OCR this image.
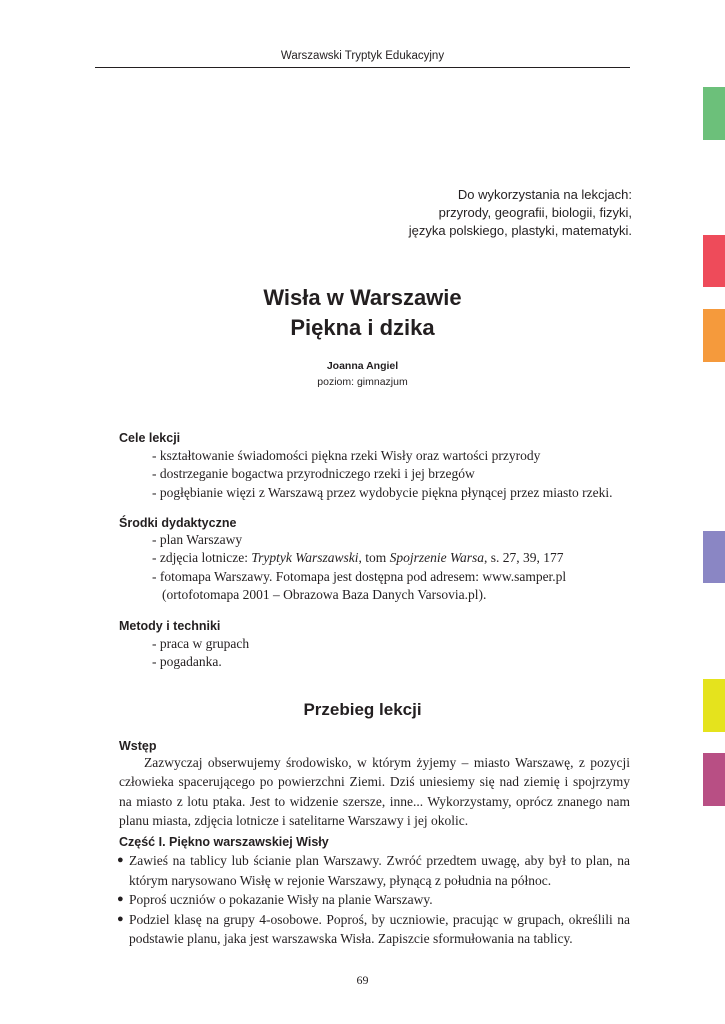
Warszawski Tryptyk Edukacyjny
Do wykorzystania na lekcjach:
przyrody, geografii, biologii, fizyki,
języka polskiego, plastyki, matematyki.
Wisła w Warszawie
Piękna i dzika
Joanna Angiel
poziom: gimnazjum
Cele lekcji
- kształtowanie świadomości piękna rzeki Wisły oraz wartości przyrody
- dostrzeganie bogactwa przyrodniczego rzeki i jej brzegów
- pogłębianie więzi z Warszawą przez wydobycie piękna płynącej przez miasto rzeki.
Środki dydaktyczne
- plan Warszawy
- zdjęcia lotnicze: Tryptyk Warszawski, tom Spojrzenie Warsa, s. 27, 39, 177
- fotomapa Warszawy. Fotomapa jest dostępna pod adresem: www.samper.pl
(ortofotomapa 2001 – Obrazowa Baza Danych Varsovia.pl).
Metody i techniki
- praca w grupach
- pogadanka.
Przebieg lekcji
Wstęp

Zazwyczaj obserwujemy środowisko, w którym żyjemy – miasto Warszawę, z pozycji człowieka spacerującego po powierzchni Ziemi. Dziś uniesiemy się nad ziemię i spojrzymy na miasto z lotu ptaka. Jest to widzenie szersze, inne... Wykorzystamy, oprócz znanego nam planu miasta, zdjęcia lotnicze i satelitarne Warszawy i jej okolic.

Część I. Piękno warszawskiej Wisły
● Zawieś na tablicy lub ścianie plan Warszawy. Zwróć przedtem uwagę, aby był to plan, na którym narysowano Wisłę w rejonie Warszawy, płynącą z południa na północ.
● Poproś uczniów o pokazanie Wisły na planie Warszawy.
● Podziel klasę na grupy 4-osobowe. Poproś, by uczniowie, pracując w grupach, określili na podstawie planu, jaka jest warszawska Wisła. Zapiszcie sformułowania na tablicy.
69
